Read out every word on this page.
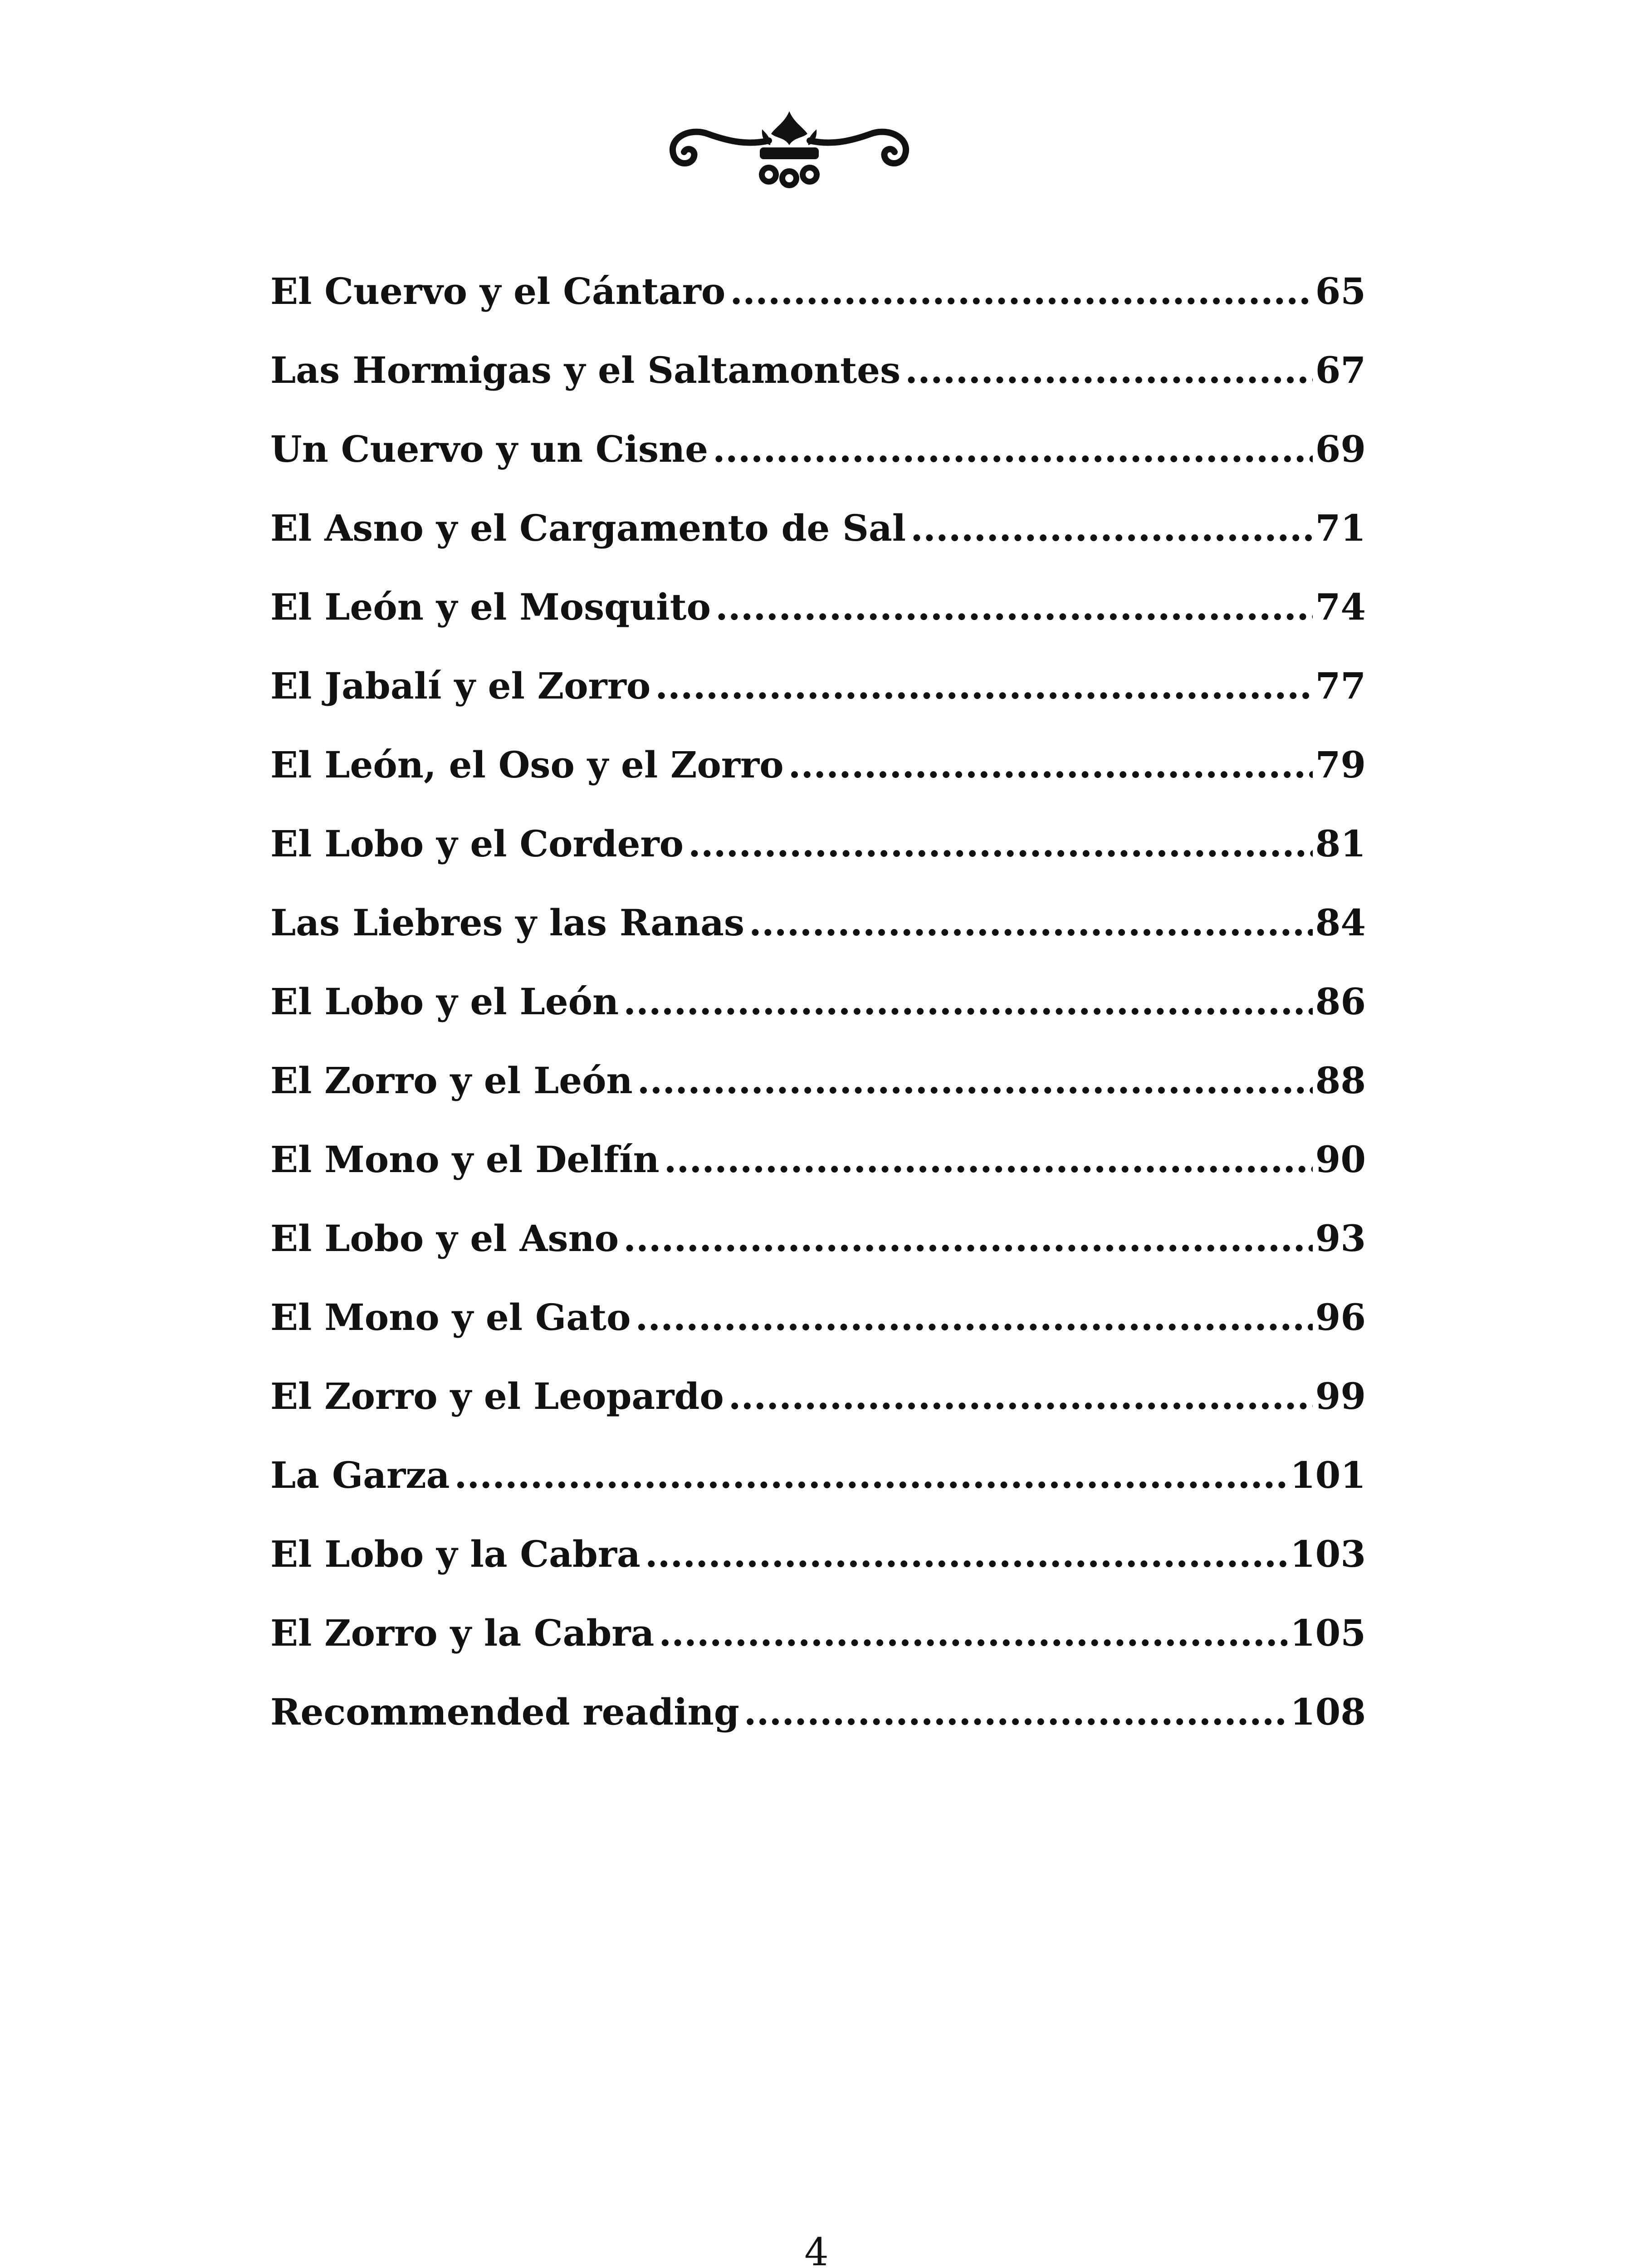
El Cuervo y el Cántaro .....	65
Las Hormigas y el Saltamontes .....	67
Un Cuervo y un Cisne .....	69
El Asno y el Cargamento de Sal .....	71
El León y el Mosquito .....	74
El Jabalí y el Zorro .....	77
El León, el Oso y el Zorro .....	79
El Lobo y el Cordero .....	81
Las Liebres y las Ranas .....	84
El Lobo y el León .....	86
El Zorro y el León .....	88
El Mono y el Delfín .....	90
El Lobo y el Asno .....	93
El Mono y el Gato .....	96
El Zorro y el Leopardo .....	99
La Garza .....	101
El Lobo y la Cabra .....	103
El Zorro y la Cabra .....	105
Recommended reading .....	108
4
